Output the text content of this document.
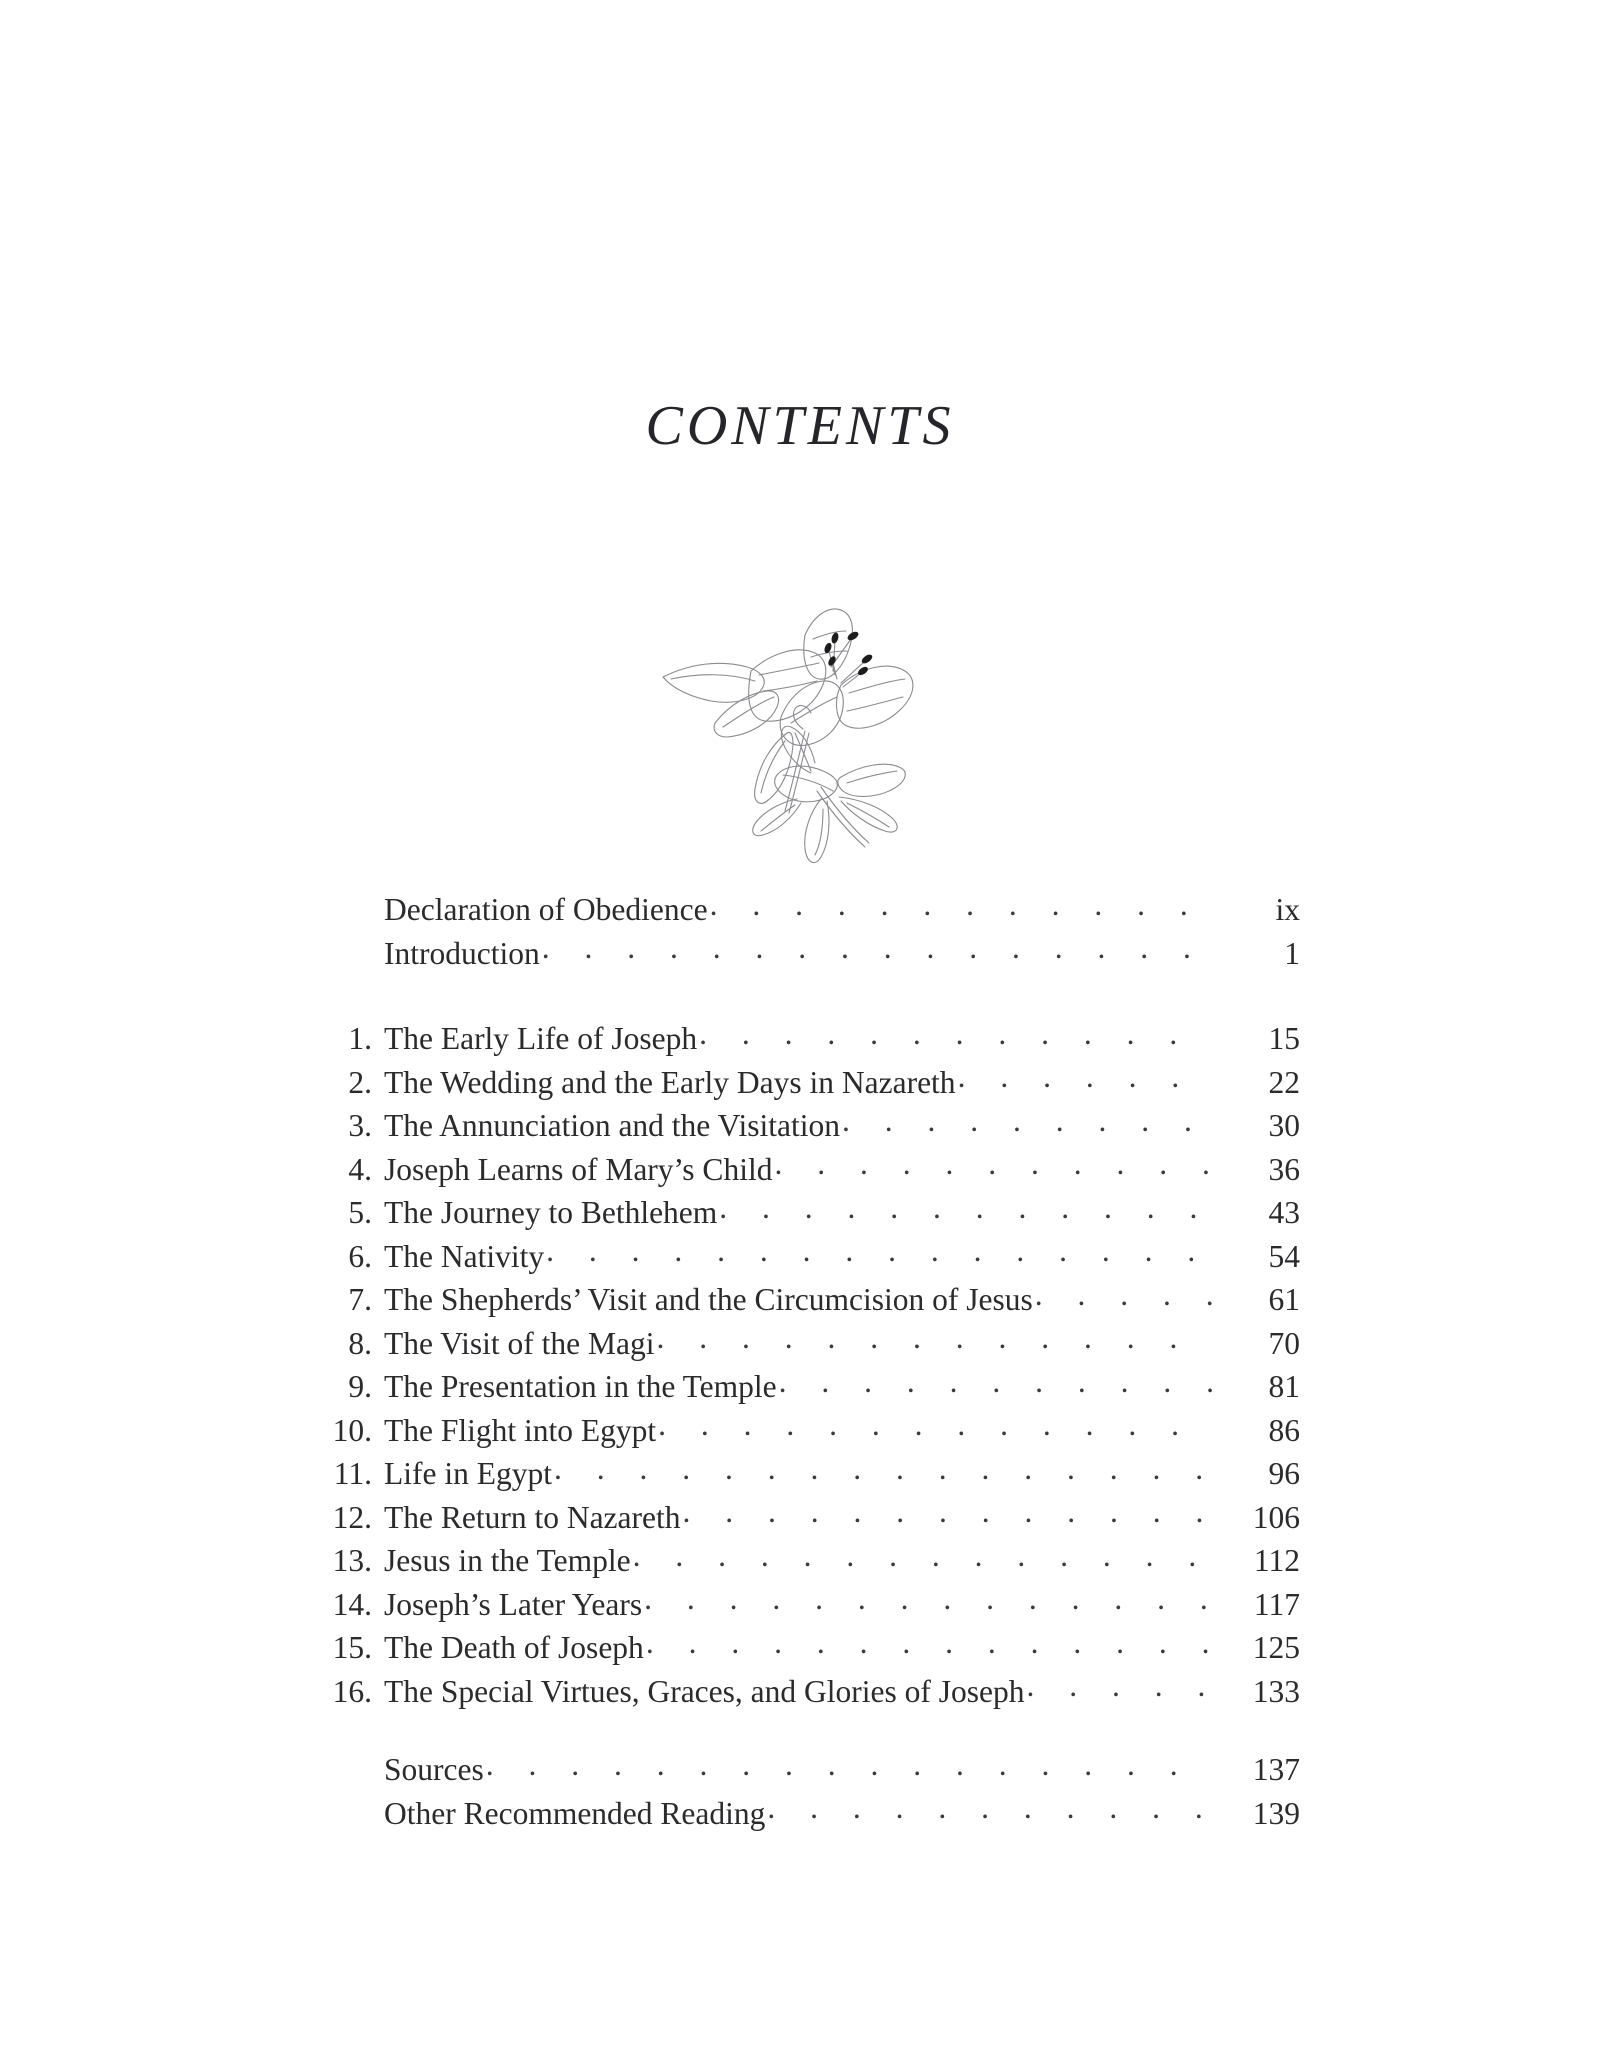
CONTENTS
Declaration of Obedience . . .	ix
Introduction . . .	1
1. The Early Life of Joseph . . .	15
2. The Wedding and the Early Days in Nazareth . . .	22
3. The Annunciation and the Visitation . . .	30
4. Joseph Learns of Mary’s Child . . .	36
5. The Journey to Bethlehem . . .	43
6. The Nativity . . .	54
7. The Shepherds’ Visit and the Circumcision of Jesus . . .	61
8. The Visit of the Magi . . .	70
9. The Presentation in the Temple . . .	81
10. The Flight into Egypt . . .	86
11. Life in Egypt . . .	96
12. The Return to Nazareth . . .	106
13. Jesus in the Temple . . .	112
14. Joseph’s Later Years . . .	117
15. The Death of Joseph . . .	125
16. The Special Virtues, Graces, and Glories of Joseph . . .	133
Sources . . .	137
Other Recommended Reading . . .	139
